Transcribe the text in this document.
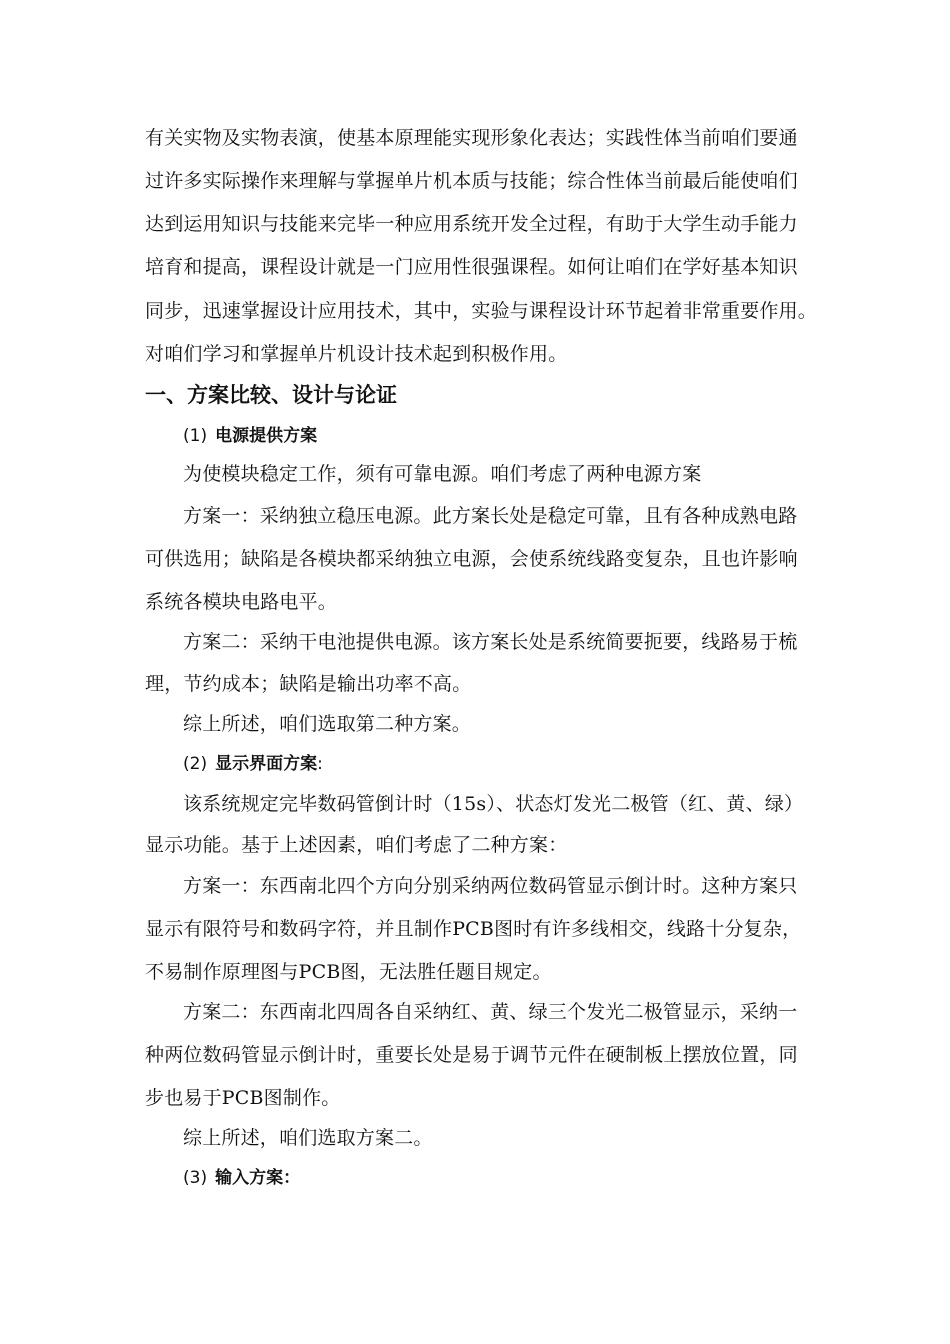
有关实物及实物表演，使基本原理能实现形象化表达；实践性体当前咱们要通
过许多实际操作来理解与掌握单片机本质与技能；综合性体当前最后能使咱们
达到运用知识与技能来完毕一种应用系统开发全过程，有助于大学生动手能力
培育和提高，课程设计就是一门应用性很强课程。如何让咱们在学好基本知识
同步，迅速掌握设计应用技术，其中，实验与课程设计环节起着非常重要作用。
对咱们学习和掌握单片机设计技术起到积极作用。
一、方案比较、设计与论证
(1) 电源提供方案
为使模块稳定工作，须有可靠电源。咱们考虑了两种电源方案
方案一：采纳独立稳压电源。此方案长处是稳定可靠，且有各种成熟电路
可供选用；缺陷是各模块都采纳独立电源，会使系统线路变复杂，且也许影响
系统各模块电路电平。
方案二：采纳干电池提供电源。该方案长处是系统简要扼要，线路易于梳
理，节约成本；缺陷是输出功率不高。
综上所述，咱们选取第二种方案。
(2) 显示界面方案:
该系统规定完毕数码管倒计时（15s）、状态灯发光二极管（红、黄、绿）
显示功能。基于上述因素，咱们考虑了二种方案：
方案一：东西南北四个方向分别采纳两位数码管显示倒计时。这种方案只
显示有限符号和数码字符，并且制作PCB图时有许多线相交，线路十分复杂，
不易制作原理图与PCB图，无法胜任题目规定。
方案二：东西南北四周各自采纳红、黄、绿三个发光二极管显示，采纳一
种两位数码管显示倒计时，重要长处是易于调节元件在硬制板上摆放位置，同
步也易于PCB图制作。
综上所述，咱们选取方案二。
(3) 输入方案：
